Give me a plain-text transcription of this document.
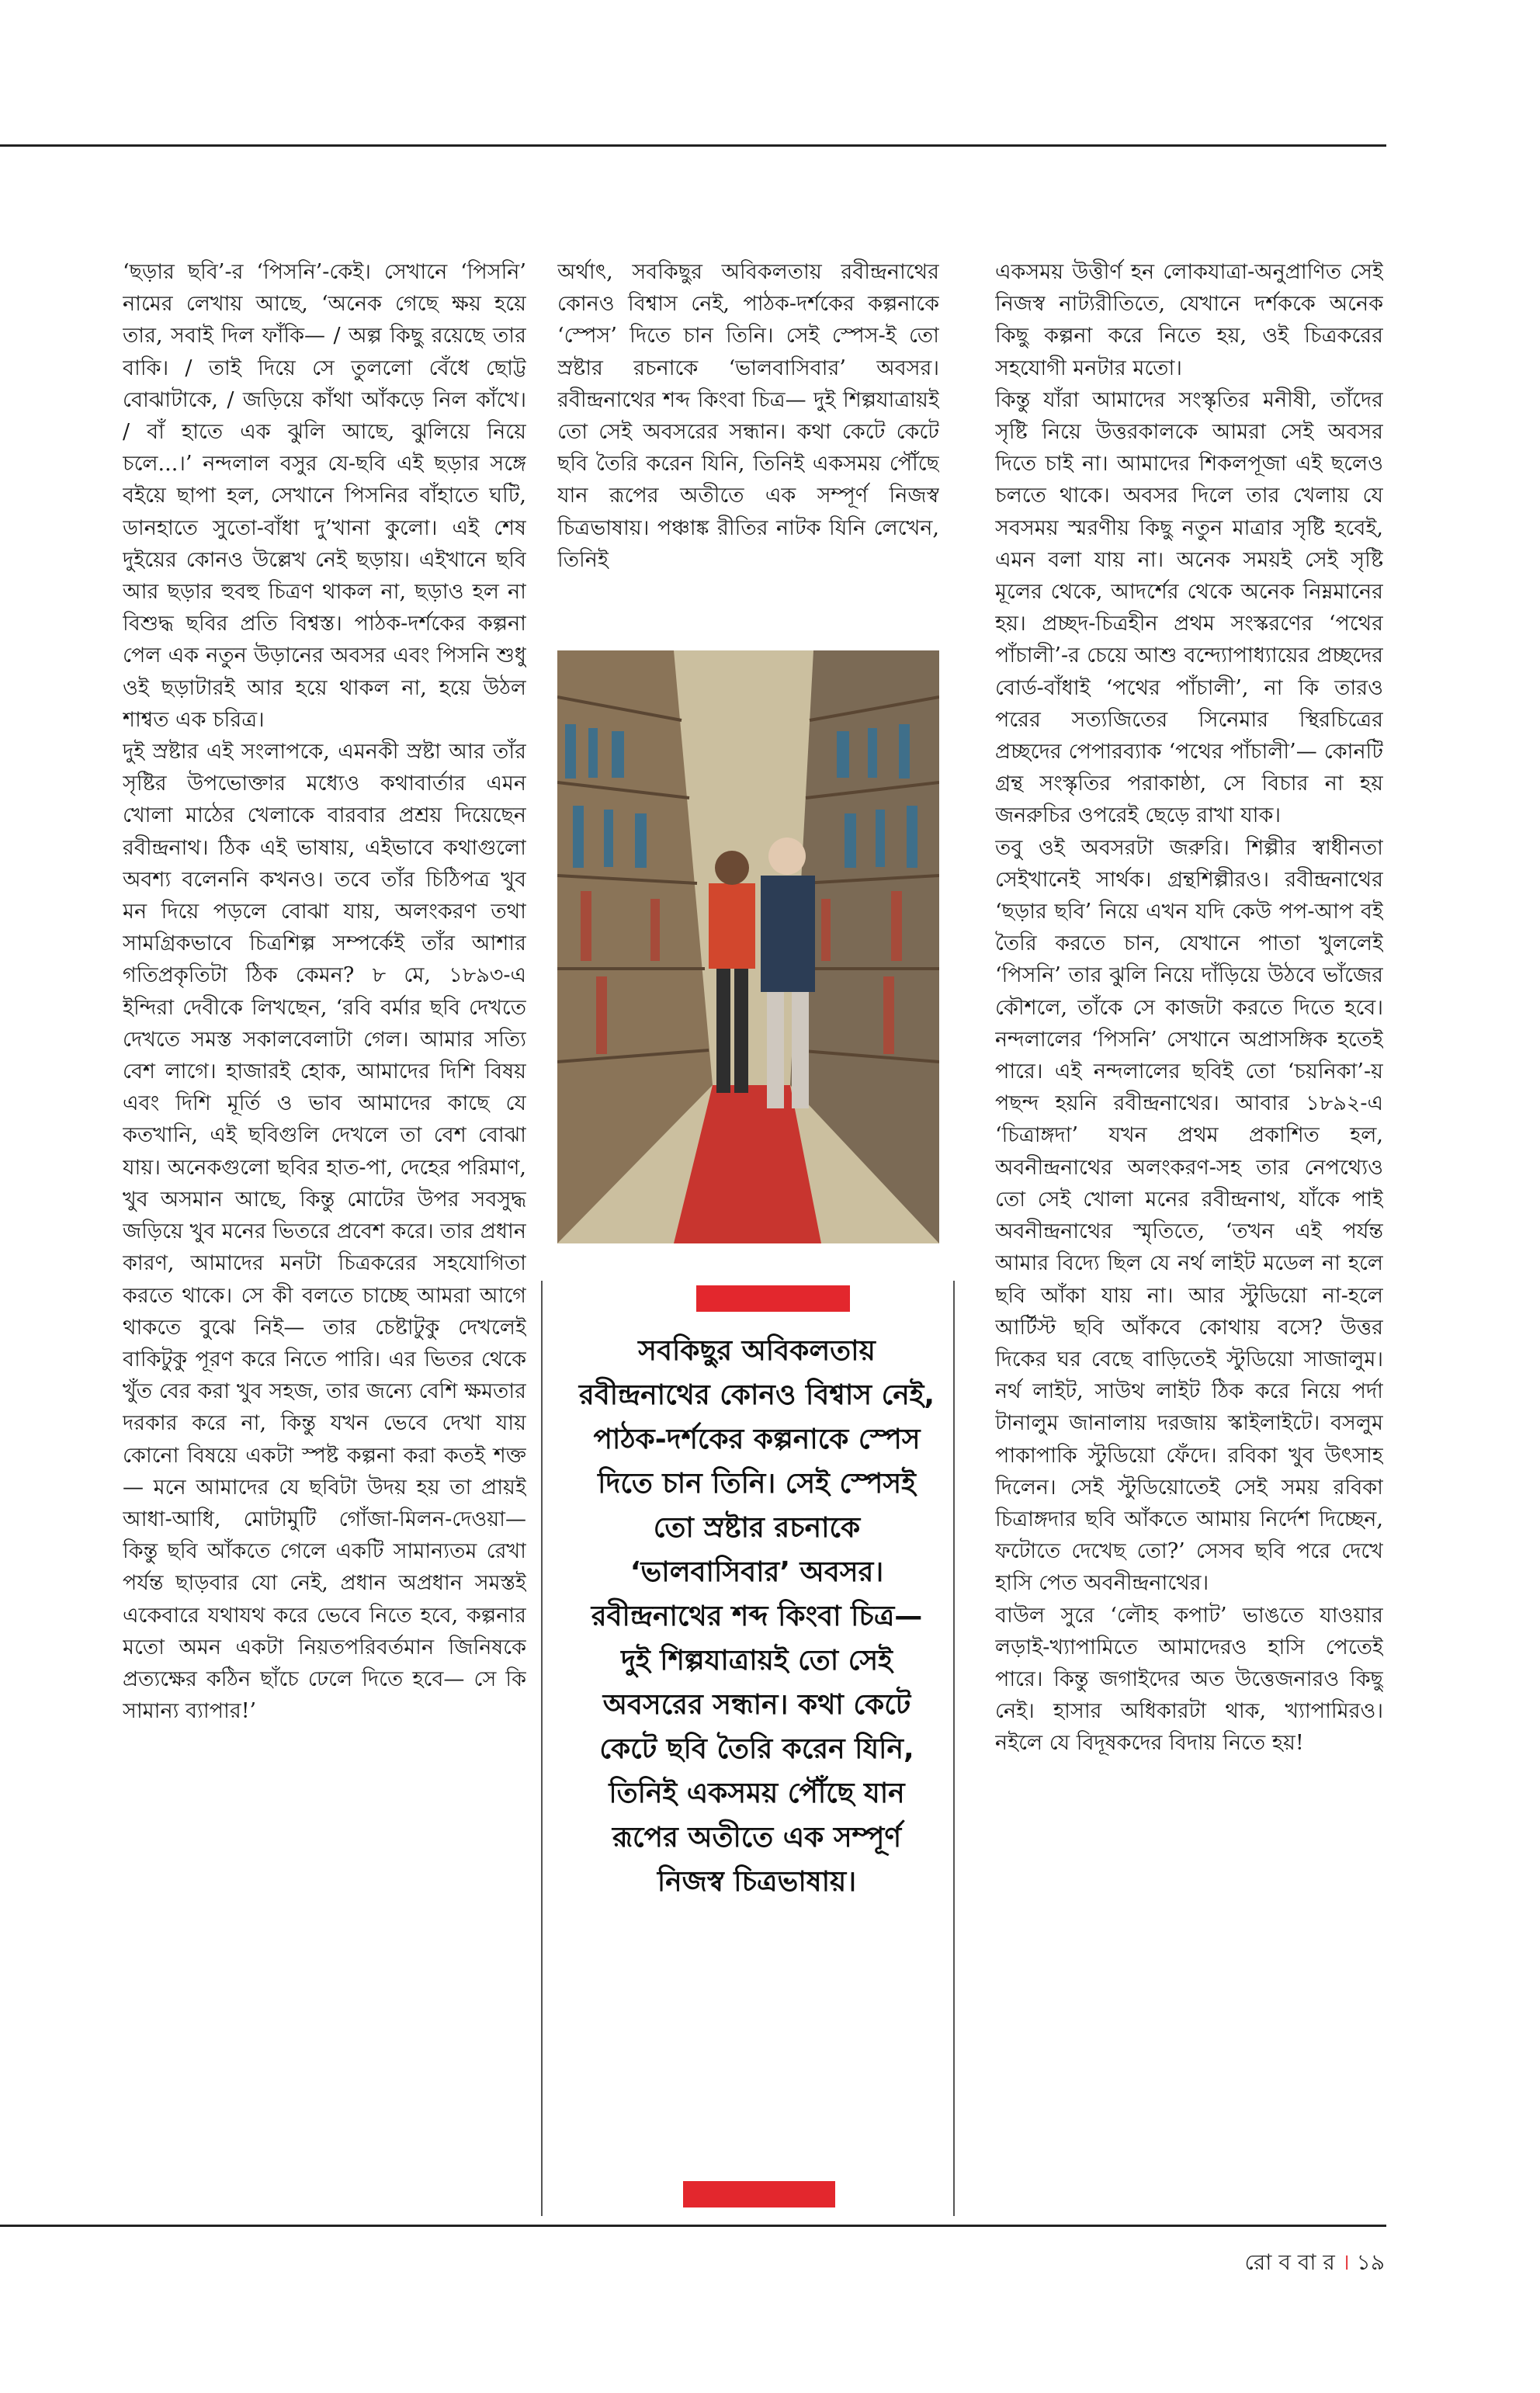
‘ছড়ার ছবি’-র ‘পিসনি’-কেই। সেখানে ‘পিসনি’ নামের লেখায় আছে, ‘অনেক গেছে ক্ষয় হয়ে তার, সবাই দিল ফাঁকি— / অল্প কিছু রয়েছে তার বাকি। / তাই দিয়ে সে তুললো বেঁধে ছোট্ট বোঝাটাকে, / জড়িয়ে কাঁথা আঁকড়ে নিল কাঁখে। / বাঁ হাতে এক ঝুলি আছে, ঝুলিয়ে নিয়ে চলে...।’ নন্দলাল বসুর যে-ছবি এই ছড়ার সঙ্গে বইয়ে ছাপা হল, সেখানে পিসনির বাঁহাতে ঘটি, ডানহাতে সুতো-বাঁধা দু’খানা কুলো। এই শেষ দুইয়ের কোনও উল্লেখ নেই ছড়ায়। এইখানে ছবি আর ছড়ার হুবহু চিত্রণ থাকল না, ছড়াও হল না বিশুদ্ধ ছবির প্রতি বিশ্বস্ত। পাঠক-দর্শকের কল্পনা পেল এক নতুন উড়ানের অবসর এবং পিসনি শুধু ওই ছড়াটারই আর হয়ে থাকল না, হয়ে উঠল শাশ্বত এক চরিত্র।
দুই স্রষ্টার এই সংলাপকে, এমনকী স্রষ্টা আর তাঁর সৃষ্টির উপভোক্তার মধ্যেও কথাবার্তার এমন খোলা মাঠের খেলাকে বারবার প্রশ্রয় দিয়েছেন রবীন্দ্রনাথ। ঠিক এই ভাষায়, এইভাবে কথাগুলো অবশ্য বলেননি কখনও। তবে তাঁর চিঠিপত্র খুব মন দিয়ে পড়লে বোঝা যায়, অলংকরণ তথা সামগ্রিকভাবে চিত্রশিল্প সম্পর্কেই তাঁর আশার গতিপ্রকৃতিটা ঠিক কেমন? ৮ মে, ১৮৯৩-এ ইন্দিরা দেবীকে লিখছেন, ‘রবি বর্মার ছবি দেখতে দেখতে সমস্ত সকালবেলাটা গেল। আমার সত্যি বেশ লাগে। হাজারই হোক, আমাদের দিশি বিষয় এবং দিশি মূর্তি ও ভাব আমাদের কাছে যে কতখানি, এই ছবিগুলি দেখলে তা বেশ বোঝা যায়। অনেকগুলো ছবির হাত-পা, দেহের পরিমাণ, খুব অসমান আছে, কিন্তু মোটের উপর সবসুদ্ধ জড়িয়ে খুব মনের ভিতরে প্রবেশ করে। তার প্রধান কারণ, আমাদের মনটা চিত্রকরের সহযোগিতা করতে থাকে। সে কী বলতে চাচ্ছে আমরা আগে থাকতে বুঝে নিই— তার চেষ্টাটুকু দেখলেই বাকিটুকু পূরণ করে নিতে পারি। এর ভিতর থেকে খুঁত বের করা খুব সহজ, তার জন্যে বেশি ক্ষমতার দরকার করে না, কিন্তু যখন ভেবে দেখা যায় কোনো বিষয়ে একটা স্পষ্ট কল্পনা করা কতই শক্ত— মনে আমাদের যে ছবিটা উদয় হয় তা প্রায়ই আধা-আধি, মোটামুটি গোঁজা-মিলন-দেওয়া— কিন্তু ছবি আঁকতে গেলে একটি সামান্যতম রেখা পর্যন্ত ছাড়বার যো নেই, প্রধান অপ্রধান সমস্তই একেবারে যথাযথ করে ভেবে নিতে হবে, কল্পনার মতো অমন একটা নিয়তপরিবর্তমান জিনিষকে প্রত্যক্ষের কঠিন ছাঁচে ঢেলে দিতে হবে— সে কি সামান্য ব্যাপার!’
অর্থাৎ, সবকিছুর অবিকলতায় রবীন্দ্রনাথের কোনও বিশ্বাস নেই, পাঠক-দর্শকের কল্পনাকে ‘স্পেস’ দিতে চান তিনি। সেই স্পেস-ই তো স্রষ্টার রচনাকে ‘ভালবাসিবার’ অবসর। রবীন্দ্রনাথের শব্দ কিংবা চিত্র— দুই শিল্পযাত্রায়ই তো সেই অবসরের সন্ধান। কথা কেটে কেটে ছবি তৈরি করেন যিনি, তিনিই একসময় পৌঁছে যান রূপের অতীতে এক সম্পূর্ণ নিজস্ব চিত্রভাষায়। পঞ্চাঙ্ক রীতির নাটক যিনি লেখেন, তিনিই
সবকিছুর অবিকলতায় রবীন্দ্রনাথের কোনও বিশ্বাস নেই, পাঠক-দর্শকের কল্পনাকে স্পেস দিতে চান তিনি। সেই স্পেসই তো স্রষ্টার রচনাকে ‘ভালবাসিবার’ অবসর। রবীন্দ্রনাথের শব্দ কিংবা চিত্র— দুই শিল্পযাত্রায়ই তো সেই অবসরের সন্ধান। কথা কেটে কেটে ছবি তৈরি করেন যিনি, তিনিই একসময় পৌঁছে যান রূপের অতীতে এক সম্পূর্ণ নিজস্ব চিত্রভাষায়।
একসময় উত্তীর্ণ হন লোকযাত্রা-অনুপ্রাণিত সেই নিজস্ব নাট্যরীতিতে, যেখানে দর্শককে অনেক কিছু কল্পনা করে নিতে হয়, ওই চিত্রকরের সহযোগী মনটার মতো।
কিন্তু যাঁরা আমাদের সংস্কৃতির মনীষী, তাঁদের সৃষ্টি নিয়ে উত্তরকালকে আমরা সেই অবসর দিতে চাই না। আমাদের শিকলপূজা এই ছলেও চলতে থাকে। অবসর দিলে তার খেলায় যে সবসময় স্মরণীয় কিছু নতুন মাত্রার সৃষ্টি হবেই, এমন বলা যায় না। অনেক সময়ই সেই সৃষ্টি মূলের থেকে, আদর্শের থেকে অনেক নিম্নমানের হয়। প্রচ্ছদ-চিত্রহীন প্রথম সংস্করণের ‘পথের পাঁচালী’-র চেয়ে আশু বন্দ্যোপাধ্যায়ের প্রচ্ছদের বোর্ড-বাঁধাই ‘পথের পাঁচালী’, না কি তারও পরের সত্যজিতের সিনেমার স্থিরচিত্রের প্রচ্ছদের পেপারব্যাক ‘পথের পাঁচালী’— কোনটি গ্রন্থ সংস্কৃতির পরাকাষ্ঠা, সে বিচার না হয় জনরুচির ওপরেই ছেড়ে রাখা যাক।
তবু ওই অবসরটা জরুরি। শিল্পীর স্বাধীনতা সেইখানেই সার্থক। গ্রন্থশিল্পীরও। রবীন্দ্রনাথের ‘ছড়ার ছবি’ নিয়ে এখন যদি কেউ পপ-আপ বই তৈরি করতে চান, যেখানে পাতা খুললেই ‘পিসনি’ তার ঝুলি নিয়ে দাঁড়িয়ে উঠবে ভাঁজের কৌশলে, তাঁকে সে কাজটা করতে দিতে হবে। নন্দলালের ‘পিসনি’ সেখানে অপ্রাসঙ্গিক হতেই পারে। এই নন্দলালের ছবিই তো ‘চয়নিকা’-য় পছন্দ হয়নি রবীন্দ্রনাথের। আবার ১৮৯২-এ ‘চিত্রাঙ্গদা’ যখন প্রথম প্রকাশিত হল, অবনীন্দ্রনাথের অলংকরণ-সহ তার নেপথ্যেও তো সেই খোলা মনের রবীন্দ্রনাথ, যাঁকে পাই অবনীন্দ্রনাথের স্মৃতিতে, ‘তখন এই পর্যন্ত আমার বিদ্যে ছিল যে নর্থ লাইট মডেল না হলে ছবি আঁকা যায় না। আর স্টুডিয়ো না-হলে আর্টিস্ট ছবি আঁকবে কোথায় বসে? উত্তর দিকের ঘর বেছে বাড়িতেই স্টুডিয়ো সাজালুম। নর্থ লাইট, সাউথ লাইট ঠিক করে নিয়ে পর্দা টানালুম জানালায় দরজায় স্কাইলাইটে। বসলুম পাকাপাকি স্টুডিয়ো ফেঁদে। রবিকা খুব উৎসাহ দিলেন। সেই স্টুডিয়োতেই সেই সময় রবিকা চিত্রাঙ্গদার ছবি আঁকতে আমায় নির্দেশ দিচ্ছেন, ফটোতে দেখেছ তো?’ সেসব ছবি পরে দেখে হাসি পেত অবনীন্দ্রনাথের।
বাউল সুরে ‘লৌহ কপাট’ ভাঙতে যাওয়ার লড়াই-খ্যাপামিতে আমাদেরও হাসি পেতেই পারে। কিন্তু জগাইদের অত উত্তেজনারও কিছু নেই। হাসার অধিকারটা থাক, খ্যাপামিরও। নইলে যে বিদূষকদের বিদায় নিতে হয়!
রো ব বা র । ১৯
